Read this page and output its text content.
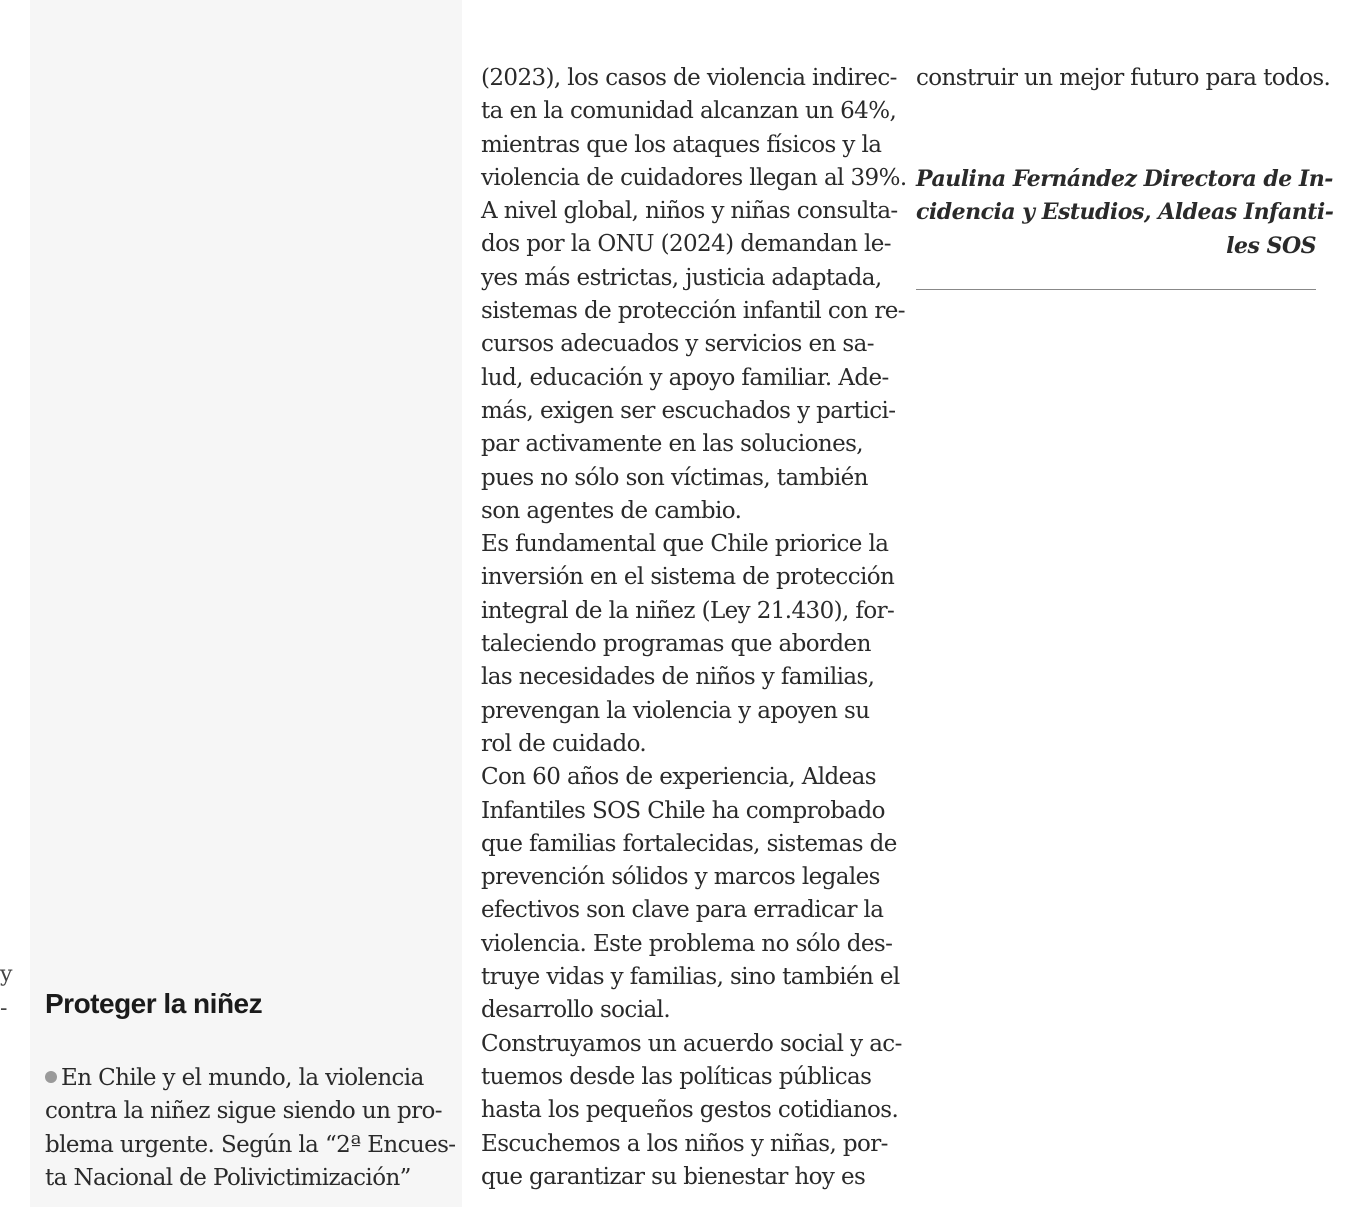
y
- Proteger la niñez
En Chile y el mundo, la violencia
contra la niñez sigue siendo un pro-
blema urgente. Según la “2ª Encues-
ta Nacional de Polivictimización”
(2023), los casos de violencia indirec-
ta en la comunidad alcanzan un 64%,
mientras que los ataques físicos y la
violencia de cuidadores llegan al 39%.
A nivel global, niños y niñas consulta-
dos por la ONU (2024) demandan le-
yes más estrictas, justicia adaptada,
sistemas de protección infantil con re-
cursos adecuados y servicios en sa-
lud, educación y apoyo familiar. Ade-
más, exigen ser escuchados y partici-
par activamente en las soluciones,
pues no sólo son víctimas, también
son agentes de cambio.
Es fundamental que Chile priorice la
inversión en el sistema de protección
integral de la niñez (Ley 21.430), for-
taleciendo programas que aborden
las necesidades de niños y familias,
prevengan la violencia y apoyen su
rol de cuidado.
Con 60 años de experiencia, Aldeas
Infantiles SOS Chile ha comprobado
que familias fortalecidas, sistemas de
prevención sólidos y marcos legales
efectivos son clave para erradicar la
violencia. Este problema no sólo des-
truye vidas y familias, sino también el
desarrollo social.
Construyamos un acuerdo social y ac-
tuemos desde las políticas públicas
hasta los pequeños gestos cotidianos.
Escuchemos a los niños y niñas, por-
que garantizar su bienestar hoy es
construir un mejor futuro para todos.
Paulina Fernández Directora de In-
cidencia y Estudios, Aldeas Infanti-
les SOS
